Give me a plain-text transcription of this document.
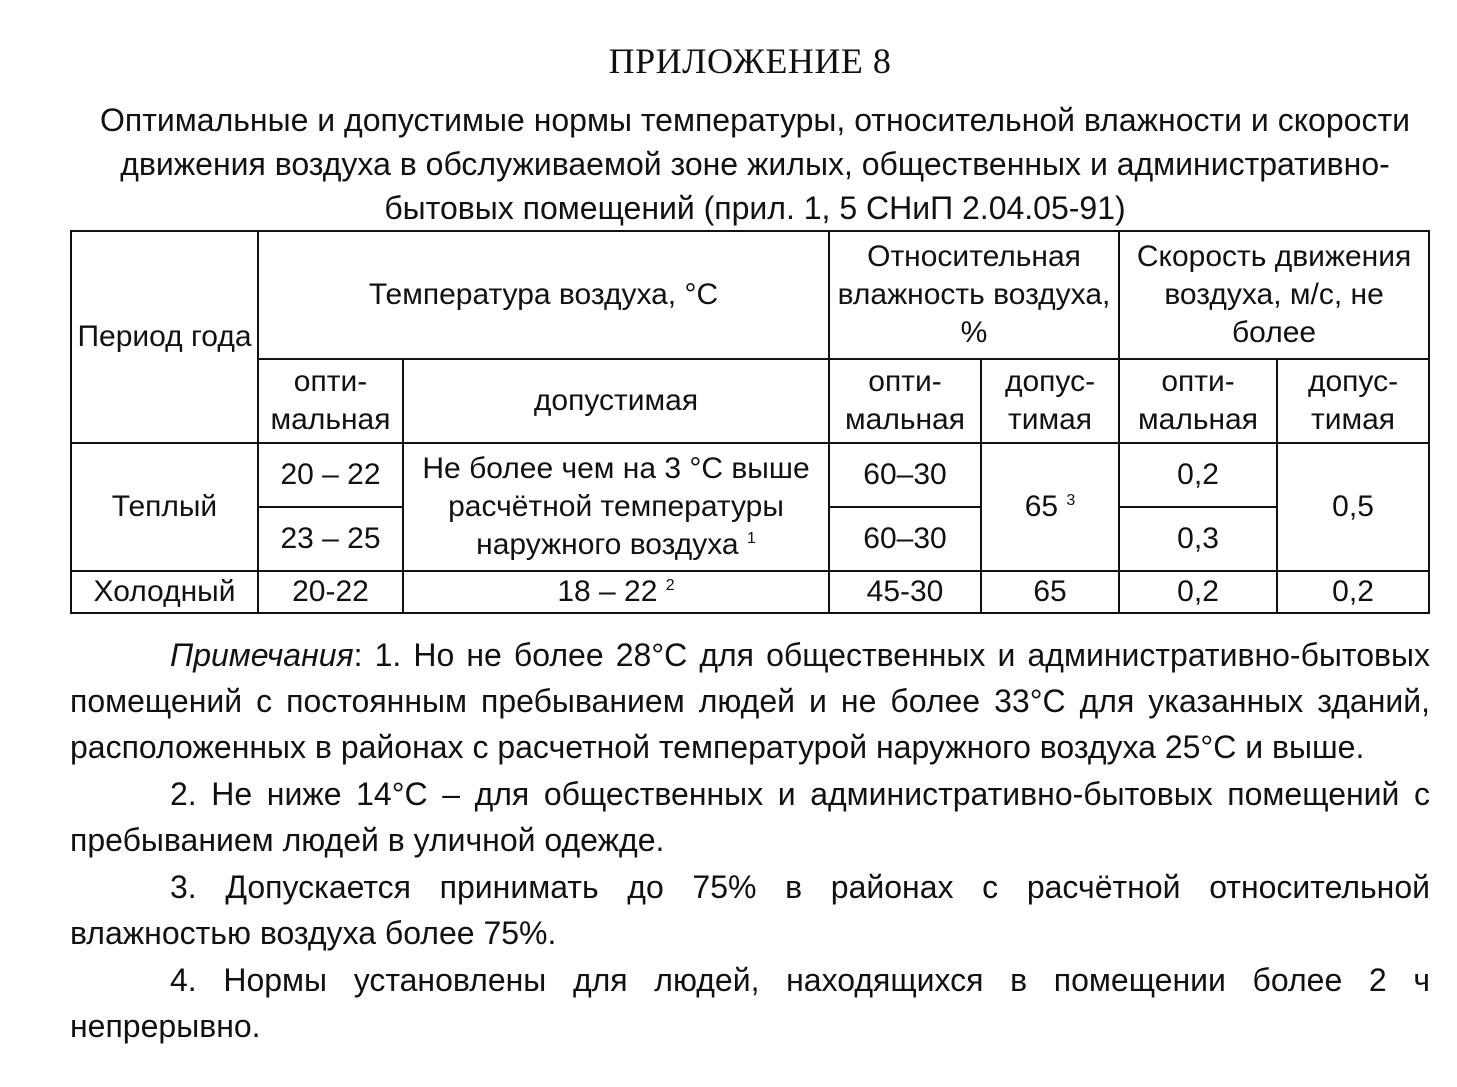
ПРИЛОЖЕНИЕ 8
Оптимальные и допустимые нормы температуры, относительной влажности и скорости движения воздуха в обслуживаемой зоне жилых, общественных и административно-бытовых помещений (прил. 1, 5 СНиП 2.04.05-91)
Период года	Температура воздуха, °С		Относительная влажность воздуха, %		Скорость движения воздуха, м/с, не более	
	опти-мальная	допустимая	опти-мальная	допус-тимая	опти-мальная	допус-тимая
Теплый	20 – 22	Не более чем на 3 °С выше расчётной температуры наружного воздуха $^1$	60–30	65 $^3$	0,2	0,5
	23 – 25		60–30		0,3	
Холодный	20-22	18 – 22 $^2$	45-30	65	0,2	0,2

Примечания: 1. Но не более 28°С для общественных и административно-бытовых помещений с постоянным пребыванием людей и не более 33°С для указанных зданий, расположенных в районах с расчетной температурой наружного воздуха 25°С и выше.

2. Не ниже 14°С – для общественных и административно-бытовых помещений с пребыванием людей в уличной одежде.

3. Допускается принимать до 75% в районах с расчётной относительной влажностью воздуха более 75%.

4. Нормы установлены для людей, находящихся в помещении более 2 ч непрерывно.
